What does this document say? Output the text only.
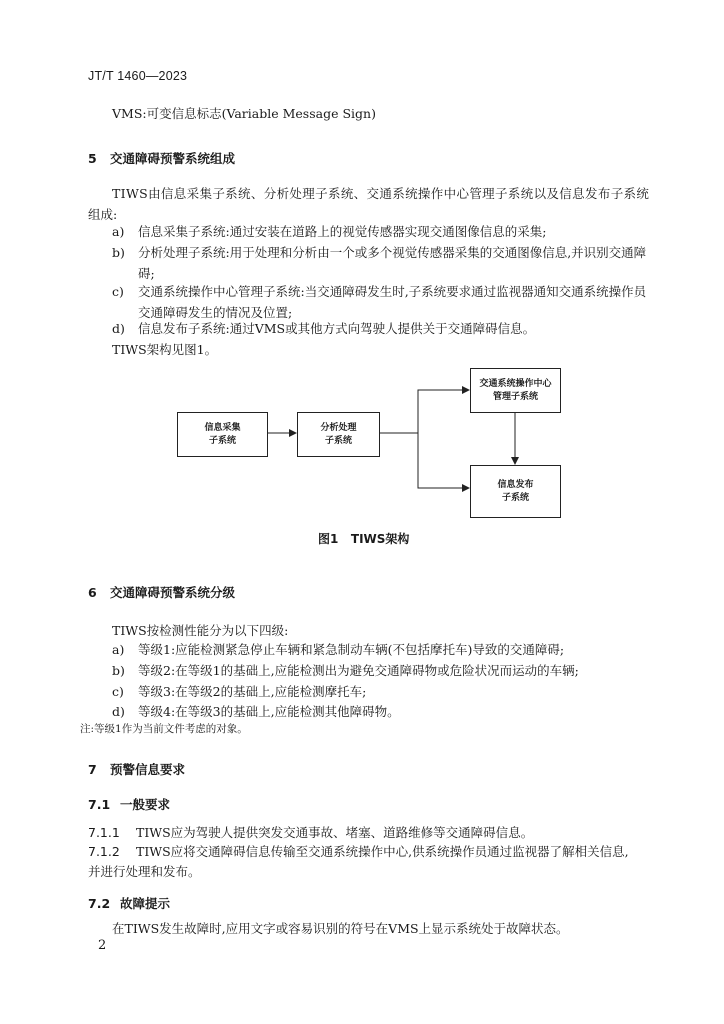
JT/T 1460—2023
VMS:可变信息标志(Variable Message Sign)
5 交通障碍预警系统组成
TIWS由信息采集子系统、分析处理子系统、交通系统操作中心管理子系统以及信息发布子系统
组成:
a) 信息采集子系统:通过安装在道路上的视觉传感器实现交通图像信息的采集;
b) 分析处理子系统:用于处理和分析由一个或多个视觉传感器采集的交通图像信息,并识别交通障碍;
c) 交通系统操作中心管理子系统:当交通障碍发生时,子系统要求通过监视器通知交通系统操作员交通障碍发生的情况及位置;
d) 信息发布子系统:通过VMS或其他方式向驾驶人提供关于交通障碍信息。
TIWS架构见图1。
信息采集
子系统
分析处理
子系统
交通系统操作中心
管理子系统
信息发布
子系统
图1 TIWS架构
6 交通障碍预警系统分级
TIWS按检测性能分为以下四级:
a) 等级1:应能检测紧急停止车辆和紧急制动车辆(不包括摩托车)导致的交通障碍;
b) 等级2:在等级1的基础上,应能检测出为避免交通障碍物或危险状况而运动的车辆;
c) 等级3:在等级2的基础上,应能检测摩托车;
d) 等级4:在等级3的基础上,应能检测其他障碍物。
注:等级1作为当前文件考虑的对象。
7 预警信息要求
7.1 一般要求
7.1.1 TIWS应为驾驶人提供突发交通事故、堵塞、道路维修等交通障碍信息。
7.1.2 TIWS应将交通障碍信息传输至交通系统操作中心,供系统操作员通过监视器了解相关信息,
并进行处理和发布。
7.2 故障提示
在TIWS发生故障时,应用文字或容易识别的符号在VMS上显示系统处于故障状态。
2
